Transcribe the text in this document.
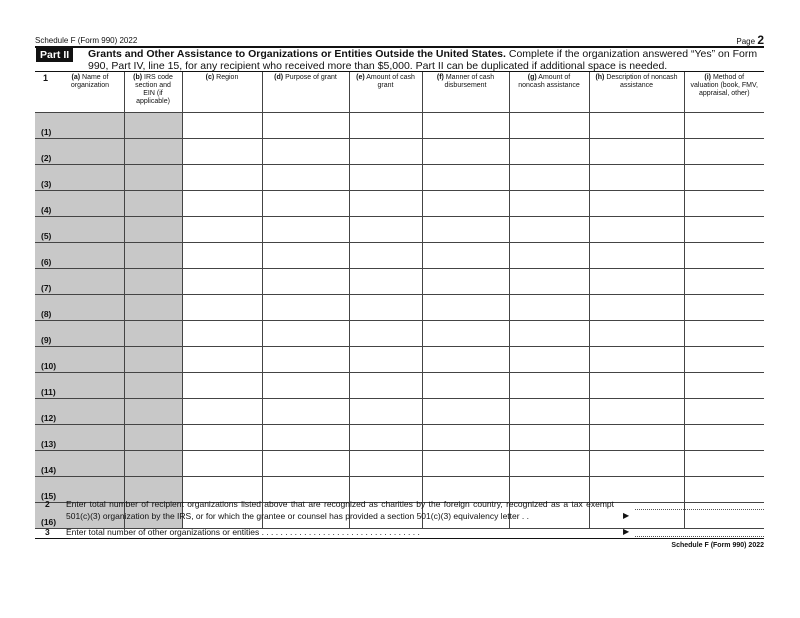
Schedule F (Form 990) 2022	Page 2
Part II	Grants and Other Assistance to Organizations or Entities Outside the United States. Complete if the organization answered “Yes” on Form 990, Part IV, line 15, for any recipient who received more than $5,000. Part II can be duplicated if additional space is needed.
1 (a) Name of organization	(b) IRS code section and EIN (if applicable)	(c) Region	(d) Purpose of grant	(e) Amount of cash grant	(f) Manner of cash disbursement	(g) Amount of noncash assistance	(h) Description of noncash assistance	(i) Method of valuation (book, FMV, appraisal, other)

(1)								
(2)								
(3)								
(4)								
(5)								
(6)								
(7)								
(8)								
(9)								
(10)								
(11)								
(12)								
(13)								
(14)								
(15)								
(16)								
2 Enter total number of recipient organizations listed above that are recognized as charities by the foreign country, recognized as a tax exempt 501(c)(3) organization by the IRS, or for which the grantee or counsel has provided a section 501(c)(3) equivalency letter . .	▶
3 Enter total number of other organizations or entities . . . . . . . . . . . . . . . . . . . . . . . . . . . . . . . . . .	▶
Schedule F (Form 990) 2022
